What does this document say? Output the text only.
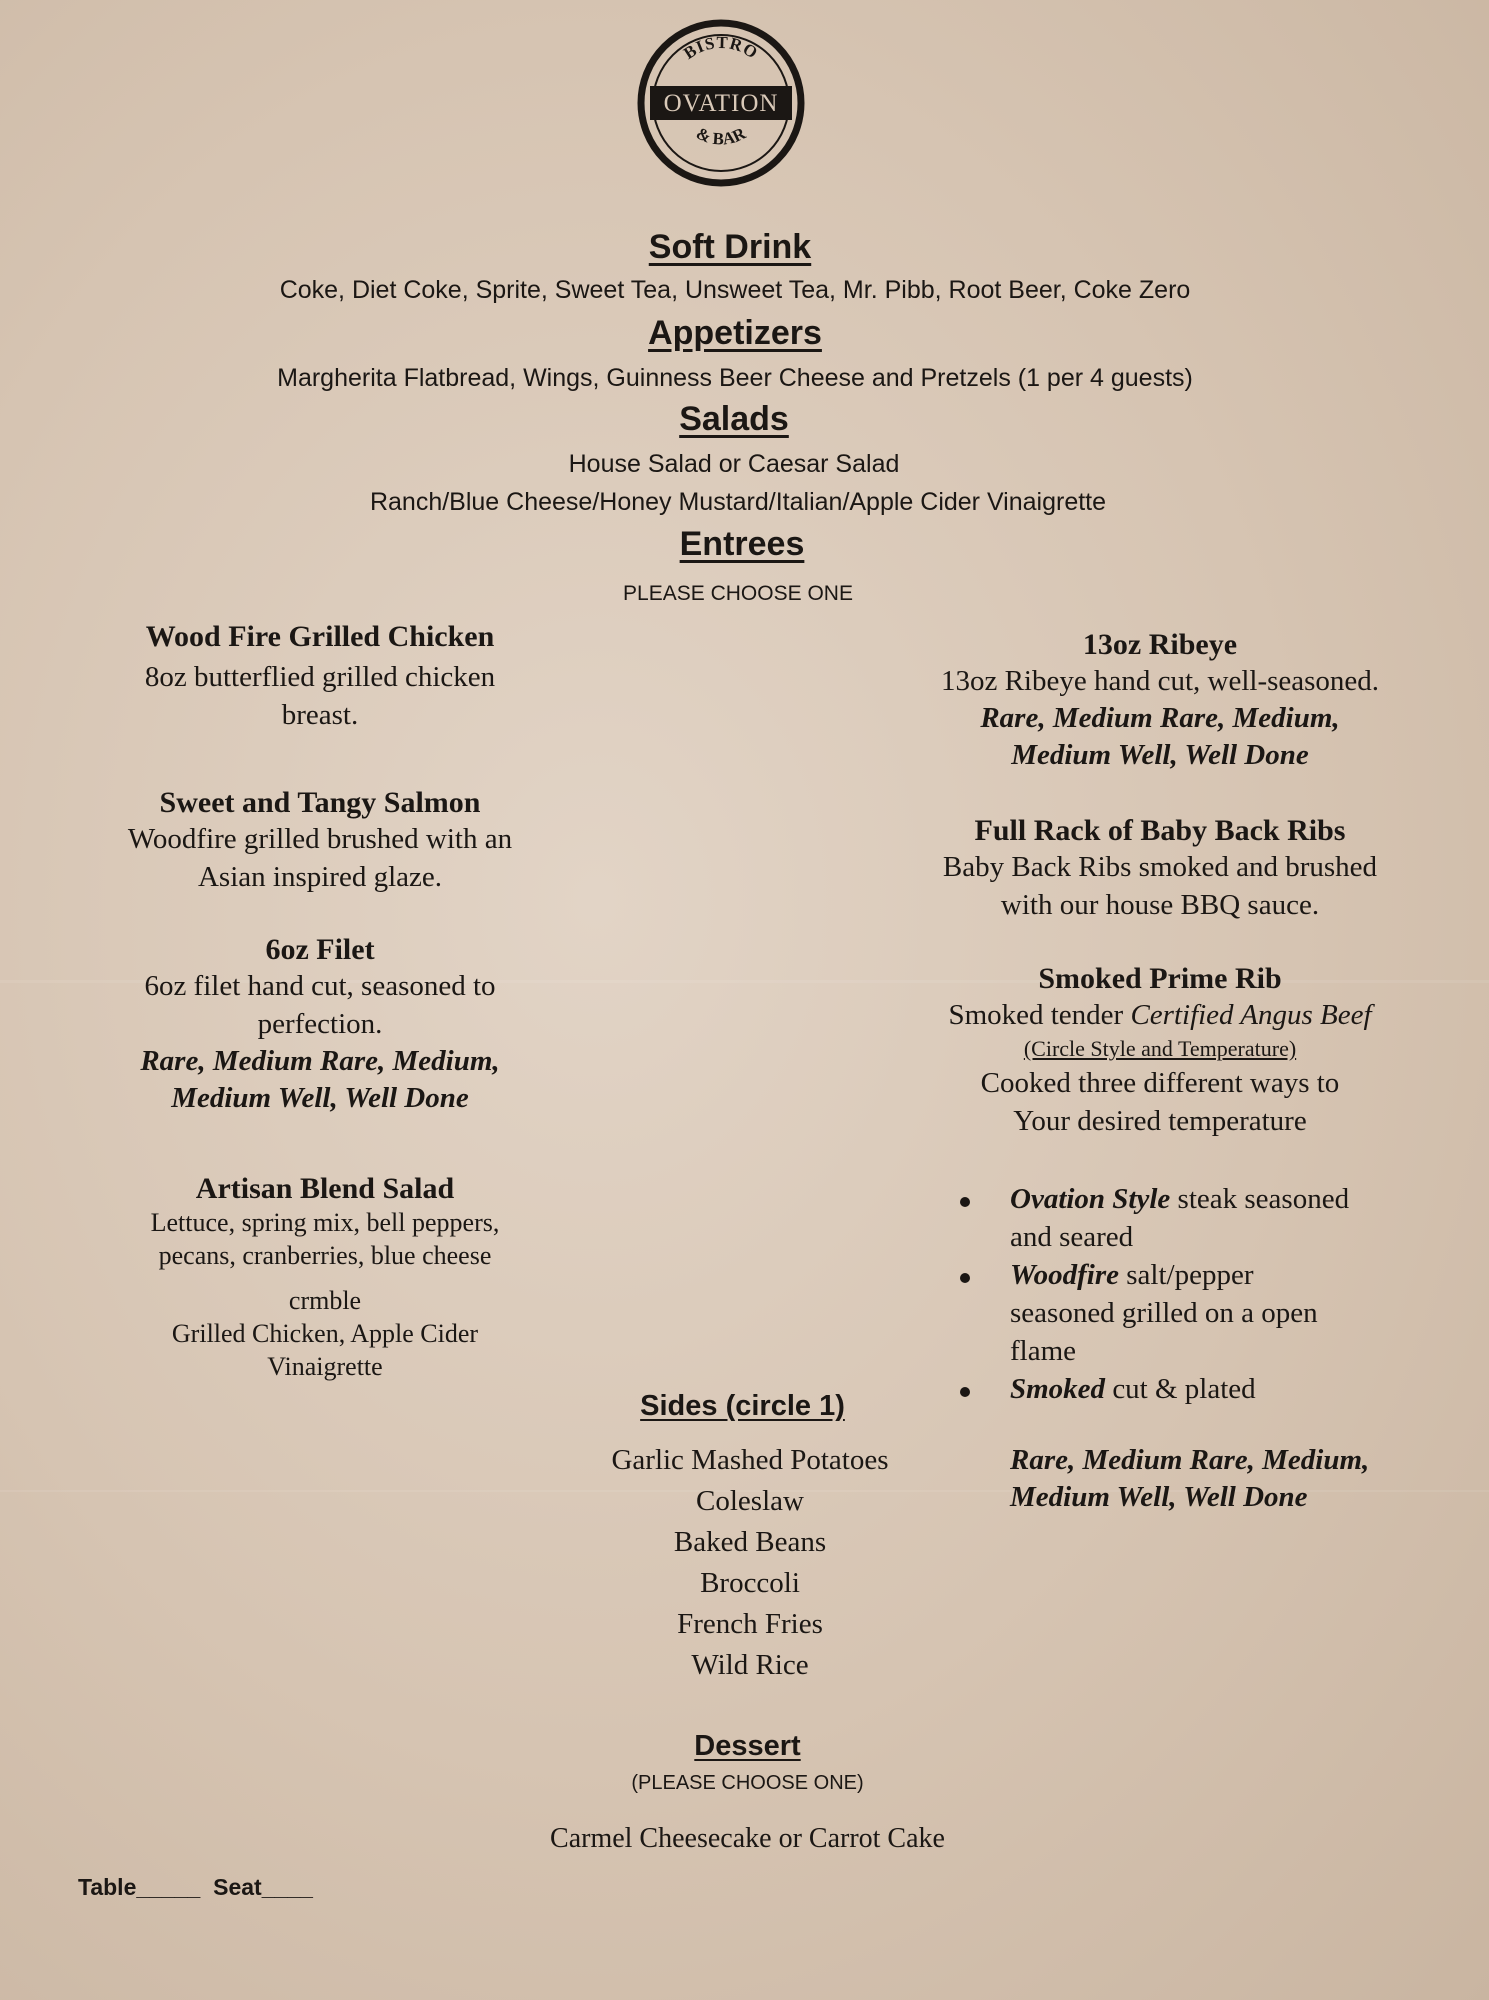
BISTRO
OVATION
& BAR
Soft Drink
Coke, Diet Coke, Sprite, Sweet Tea, Unsweet Tea, Mr. Pibb, Root Beer, Coke Zero
Appetizers
Margherita Flatbread, Wings, Guinness Beer Cheese and Pretzels (1 per 4 guests)
Salads
House Salad or Caesar Salad
Ranch/Blue Cheese/Honey Mustard/Italian/Apple Cider Vinaigrette
Entrees
PLEASE CHOOSE ONE
Wood Fire Grilled Chicken
8oz butterflied grilled chicken
breast.
Sweet and Tangy Salmon
Woodfire grilled brushed with an
Asian inspired glaze.
6oz Filet
6oz filet hand cut, seasoned to
perfection.
Rare, Medium Rare, Medium,
Medium Well, Well Done
Artisan Blend Salad
Lettuce, spring mix, bell peppers,
pecans, cranberries, blue cheese
crmble
Grilled Chicken, Apple Cider
Vinaigrette
13oz Ribeye
13oz Ribeye hand cut, well-seasoned.
Rare, Medium Rare, Medium,
Medium Well, Well Done
Full Rack of Baby Back Ribs
Baby Back Ribs smoked and brushed
with our house BBQ sauce.
Smoked Prime Rib
Smoked tender Certified Angus Beef
(Circle Style and Temperature)
Cooked three different ways to
Your desired temperature
Ovation Style steak seasoned
and seared
Woodfire salt/pepper
seasoned grilled on a open
flame
Smoked cut & plated
Rare, Medium Rare, Medium,
Medium Well, Well Done
Sides (circle 1)
Garlic Mashed Potatoes
Coleslaw
Baked Beans
Broccoli
French Fries
Wild Rice
Dessert
(PLEASE CHOOSE ONE)
Carmel Cheesecake or Carrot Cake
Table_____ Seat____
